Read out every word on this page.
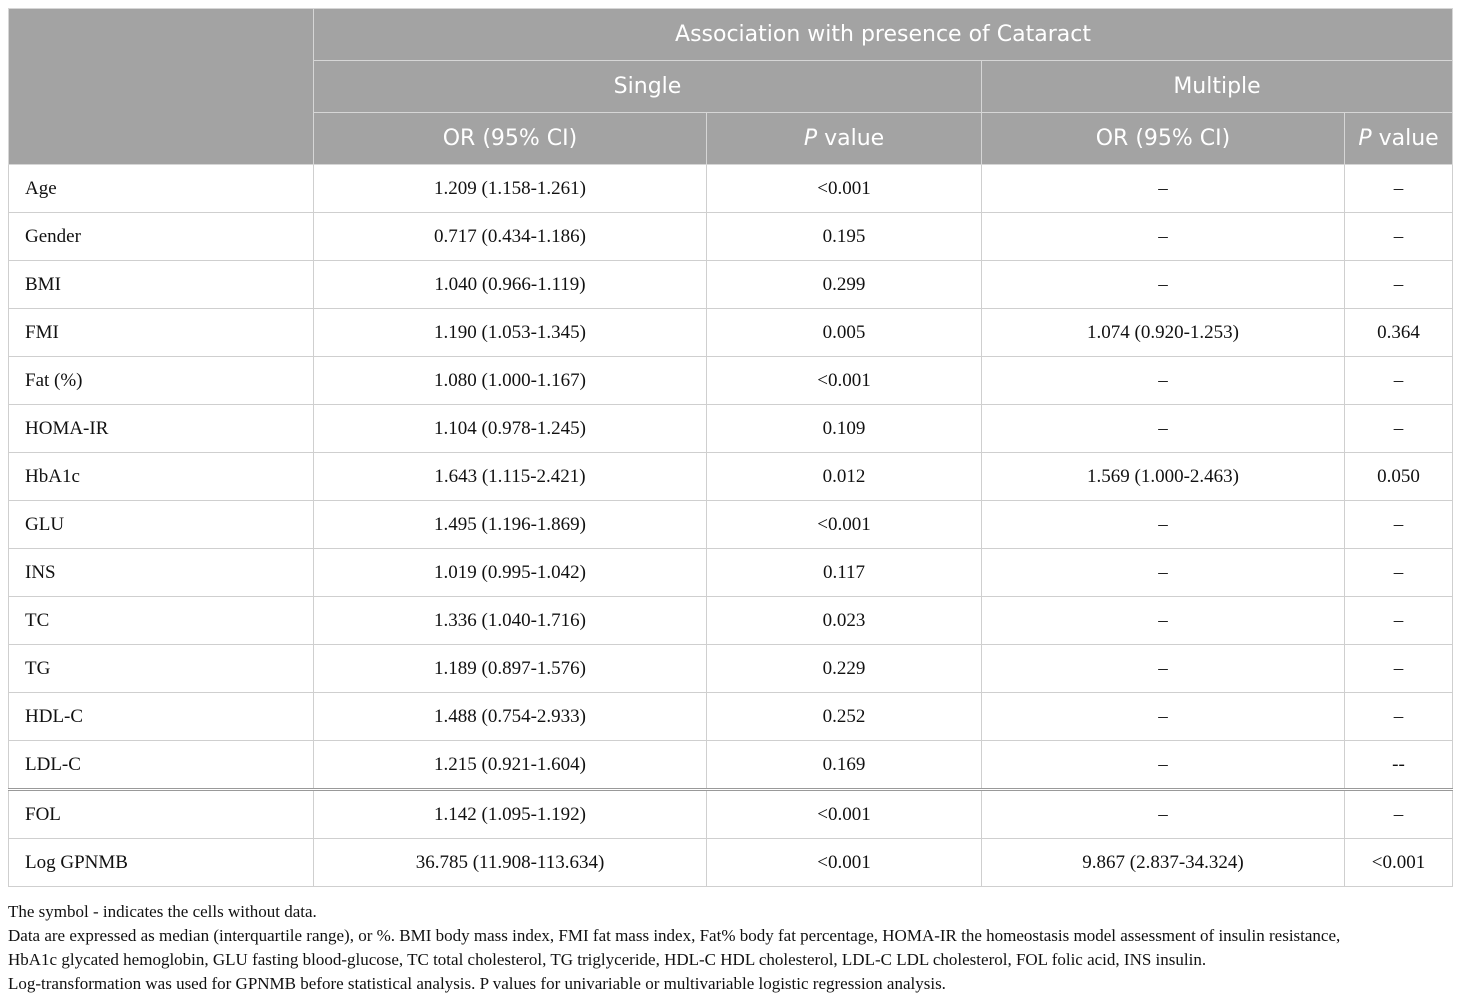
	Association with presence of Cataract			
	Single		Multiple	
	OR (95% CI)	P value	OR (95% CI)	P value
Age	1.209 (1.158-1.261)	<0.001	–	–
Gender	0.717 (0.434-1.186)	0.195	–	–
BMI	1.040 (0.966-1.119)	0.299	–	–
FMI	1.190 (1.053-1.345)	0.005	1.074 (0.920-1.253)	0.364
Fat (%)	1.080 (1.000-1.167)	<0.001	–	–
HOMA-IR	1.104 (0.978-1.245)	0.109	–	–
HbA1c	1.643 (1.115-2.421)	0.012	1.569 (1.000-2.463)	0.050
GLU	1.495 (1.196-1.869)	<0.001	–	–
INS	1.019 (0.995-1.042)	0.117	–	–
TC	1.336 (1.040-1.716)	0.023	–	–
TG	1.189 (0.897-1.576)	0.229	–	–
HDL-C	1.488 (0.754-2.933)	0.252	–	–
LDL-C	1.215 (0.921-1.604)	0.169	–	--
FOL	1.142 (1.095-1.192)	<0.001	–	–
Log GPNMB	36.785 (11.908-113.634)	<0.001	9.867 (2.837-34.324)	<0.001
The symbol - indicates the cells without data.
Data are expressed as median (interquartile range), or %. BMI body mass index, FMI fat mass index, Fat% body fat percentage, HOMA-IR the homeostasis model assessment of insulin resistance,
HbA1c glycated hemoglobin, GLU fasting blood-glucose, TC total cholesterol, TG triglyceride, HDL-C HDL cholesterol, LDL-C LDL cholesterol, FOL folic acid, INS insulin.
Log-transformation was used for GPNMB before statistical analysis. P values for univariable or multivariable logistic regression analysis.
